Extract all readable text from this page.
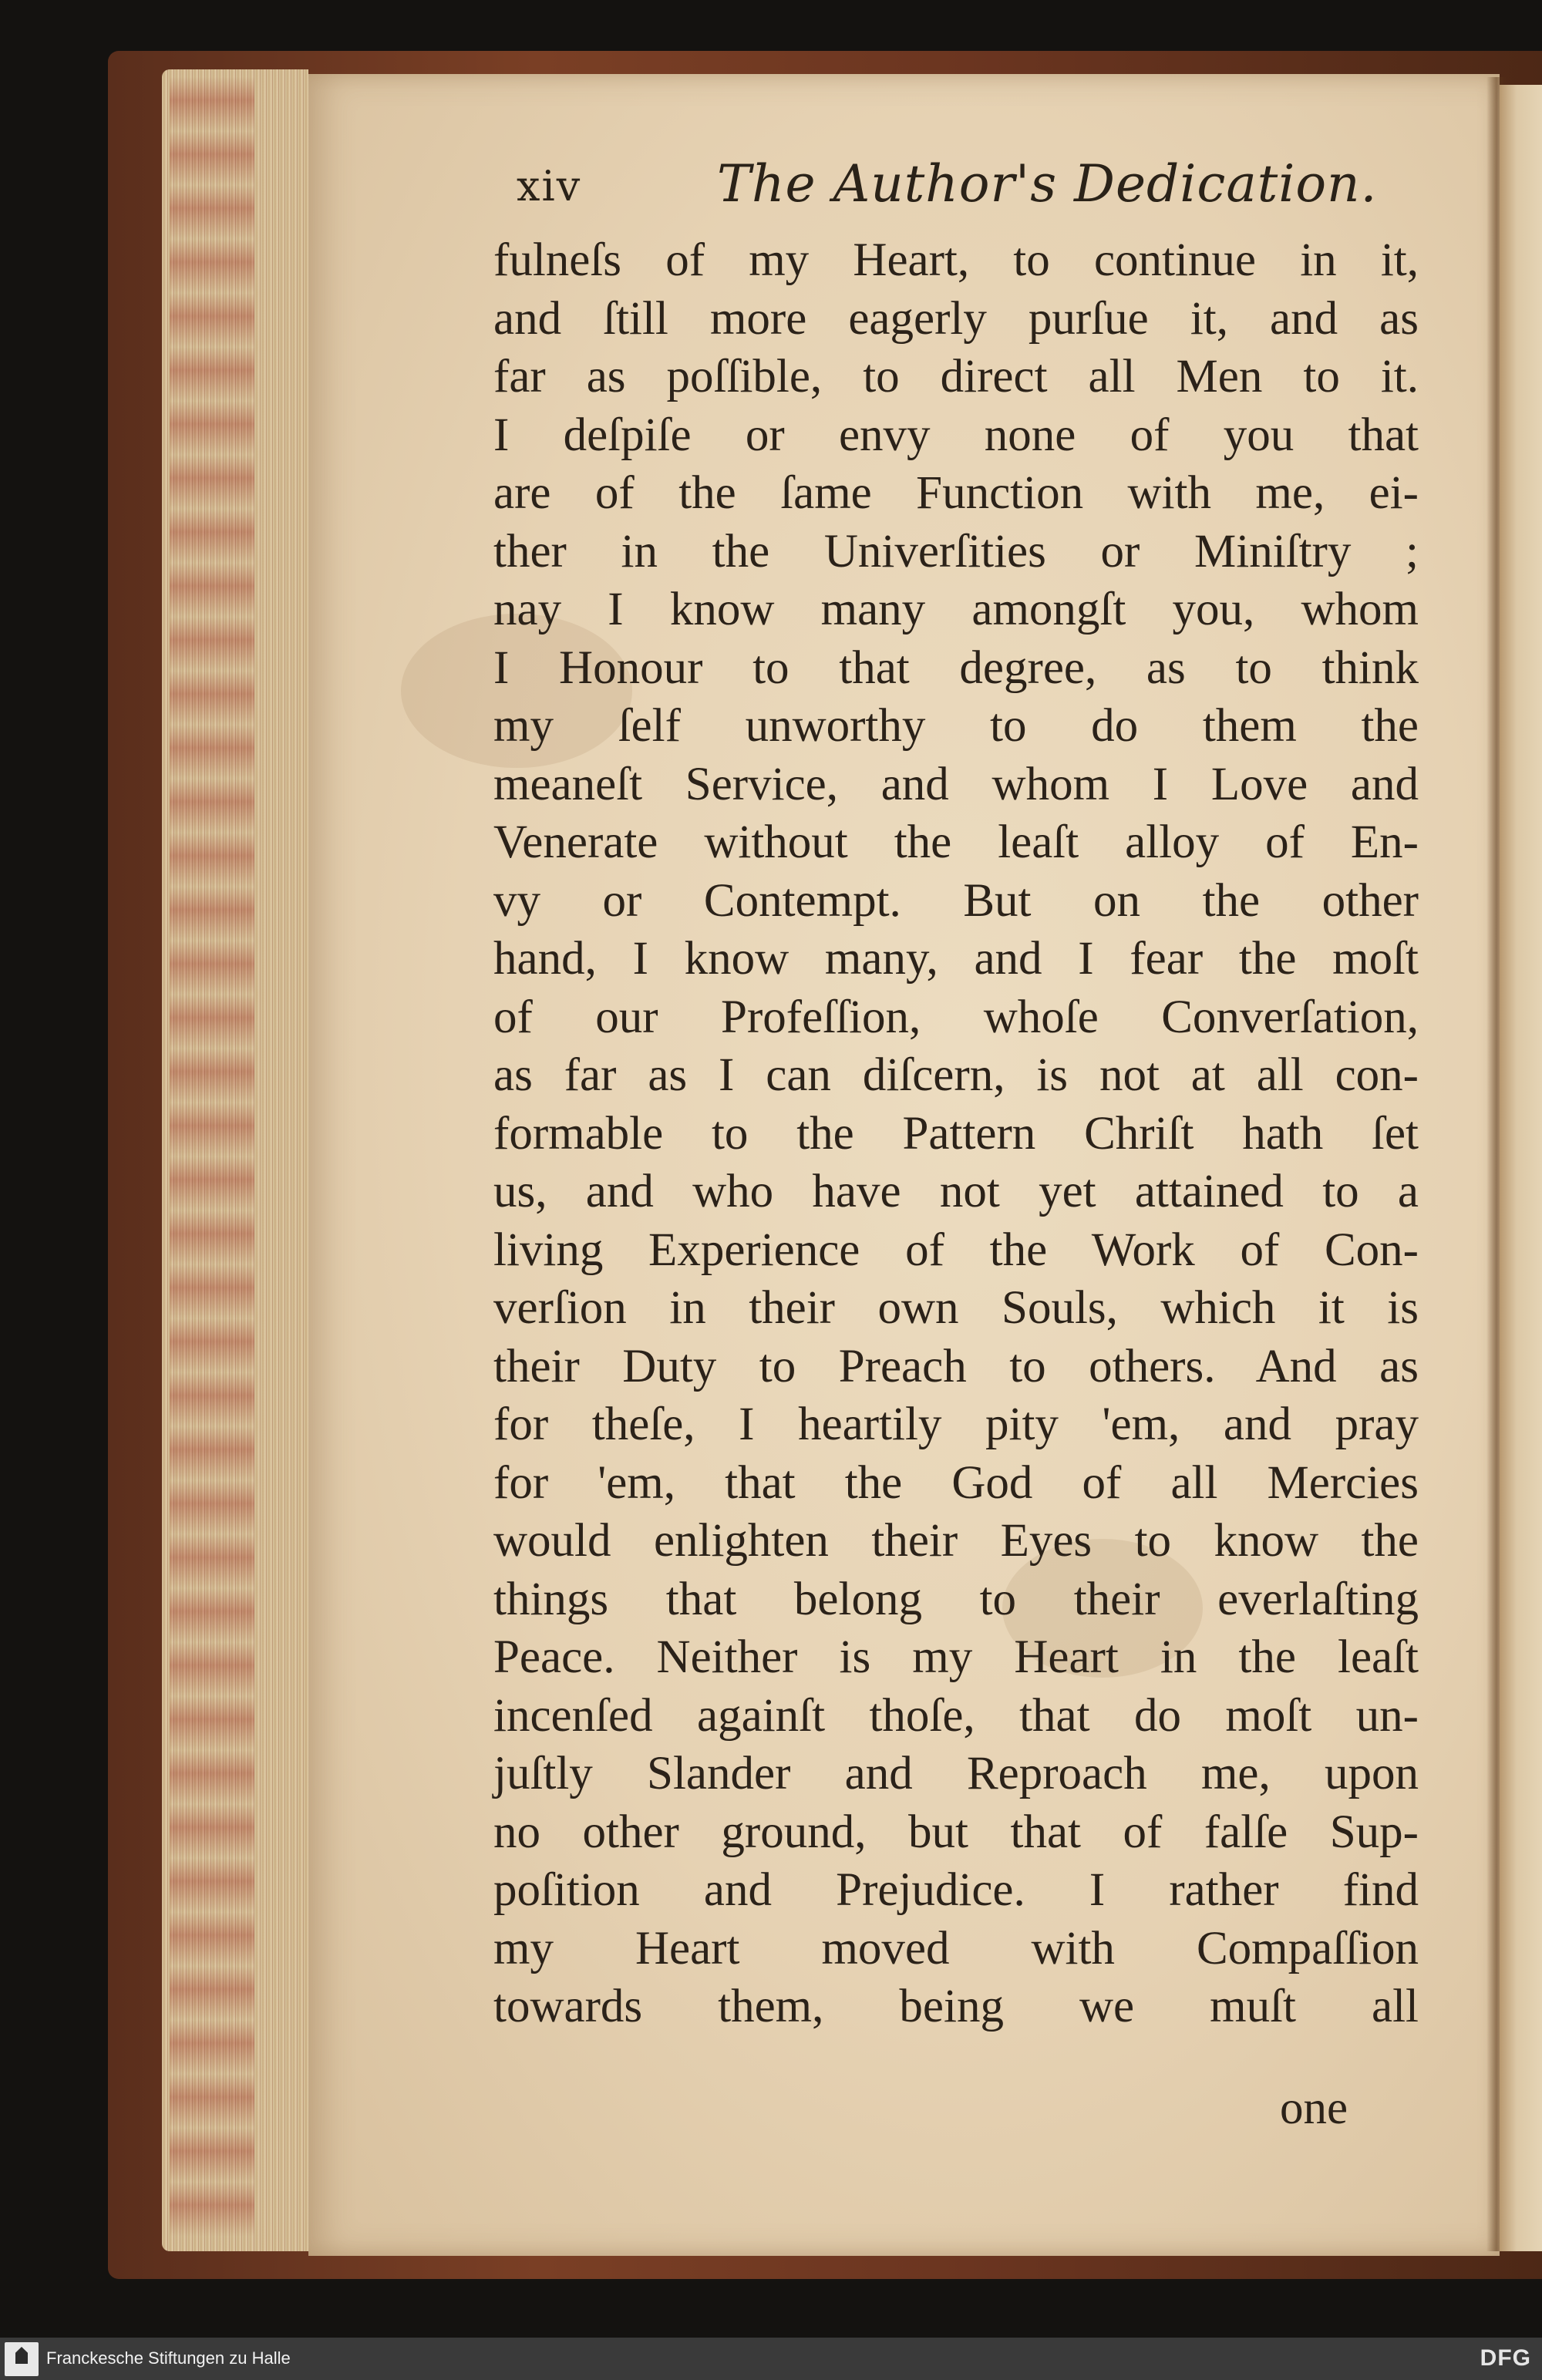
xiv	The Author's Dedication.
fulneſs of my Heart, to continue in it,
and ſtill more eagerly purſue it, and as
far as poſſible, to direct all Men to it.
I deſpiſe or envy none of you that
are of the ſame Function with me, ei-
ther in the Univerſities or Miniſtry ;
nay I know many amongſt you, whom
I Honour to that degree, as to think
my ſelf unworthy to do them the
meaneſt Service, and whom I Love and
Venerate without the leaſt alloy of En-
vy or Contempt. But on the other
hand, I know many, and I fear the moſt
of our Profeſſion, whoſe Converſation,
as far as I can diſcern, is not at all con-
formable to the Pattern Chriſt hath ſet
us, and who have not yet attained to a
living Experience of the Work of Con-
verſion in their own Souls, which it is
their Duty to Preach to others. And as
for theſe, I heartily pity 'em, and pray
for 'em, that the God of all Mercies
would enlighten their Eyes to know the
things that belong to their everlaſting
Peace. Neither is my Heart in the leaſt
incenſed againſt thoſe, that do moſt un-
juſtly Slander and Reproach me, upon
no other ground, but that of falſe Sup-
poſition and Prejudice. I rather find
my Heart moved with Compaſſion
towards them, being we muſt all
one
Franckesche Stiftungen zu Halle	DFG
